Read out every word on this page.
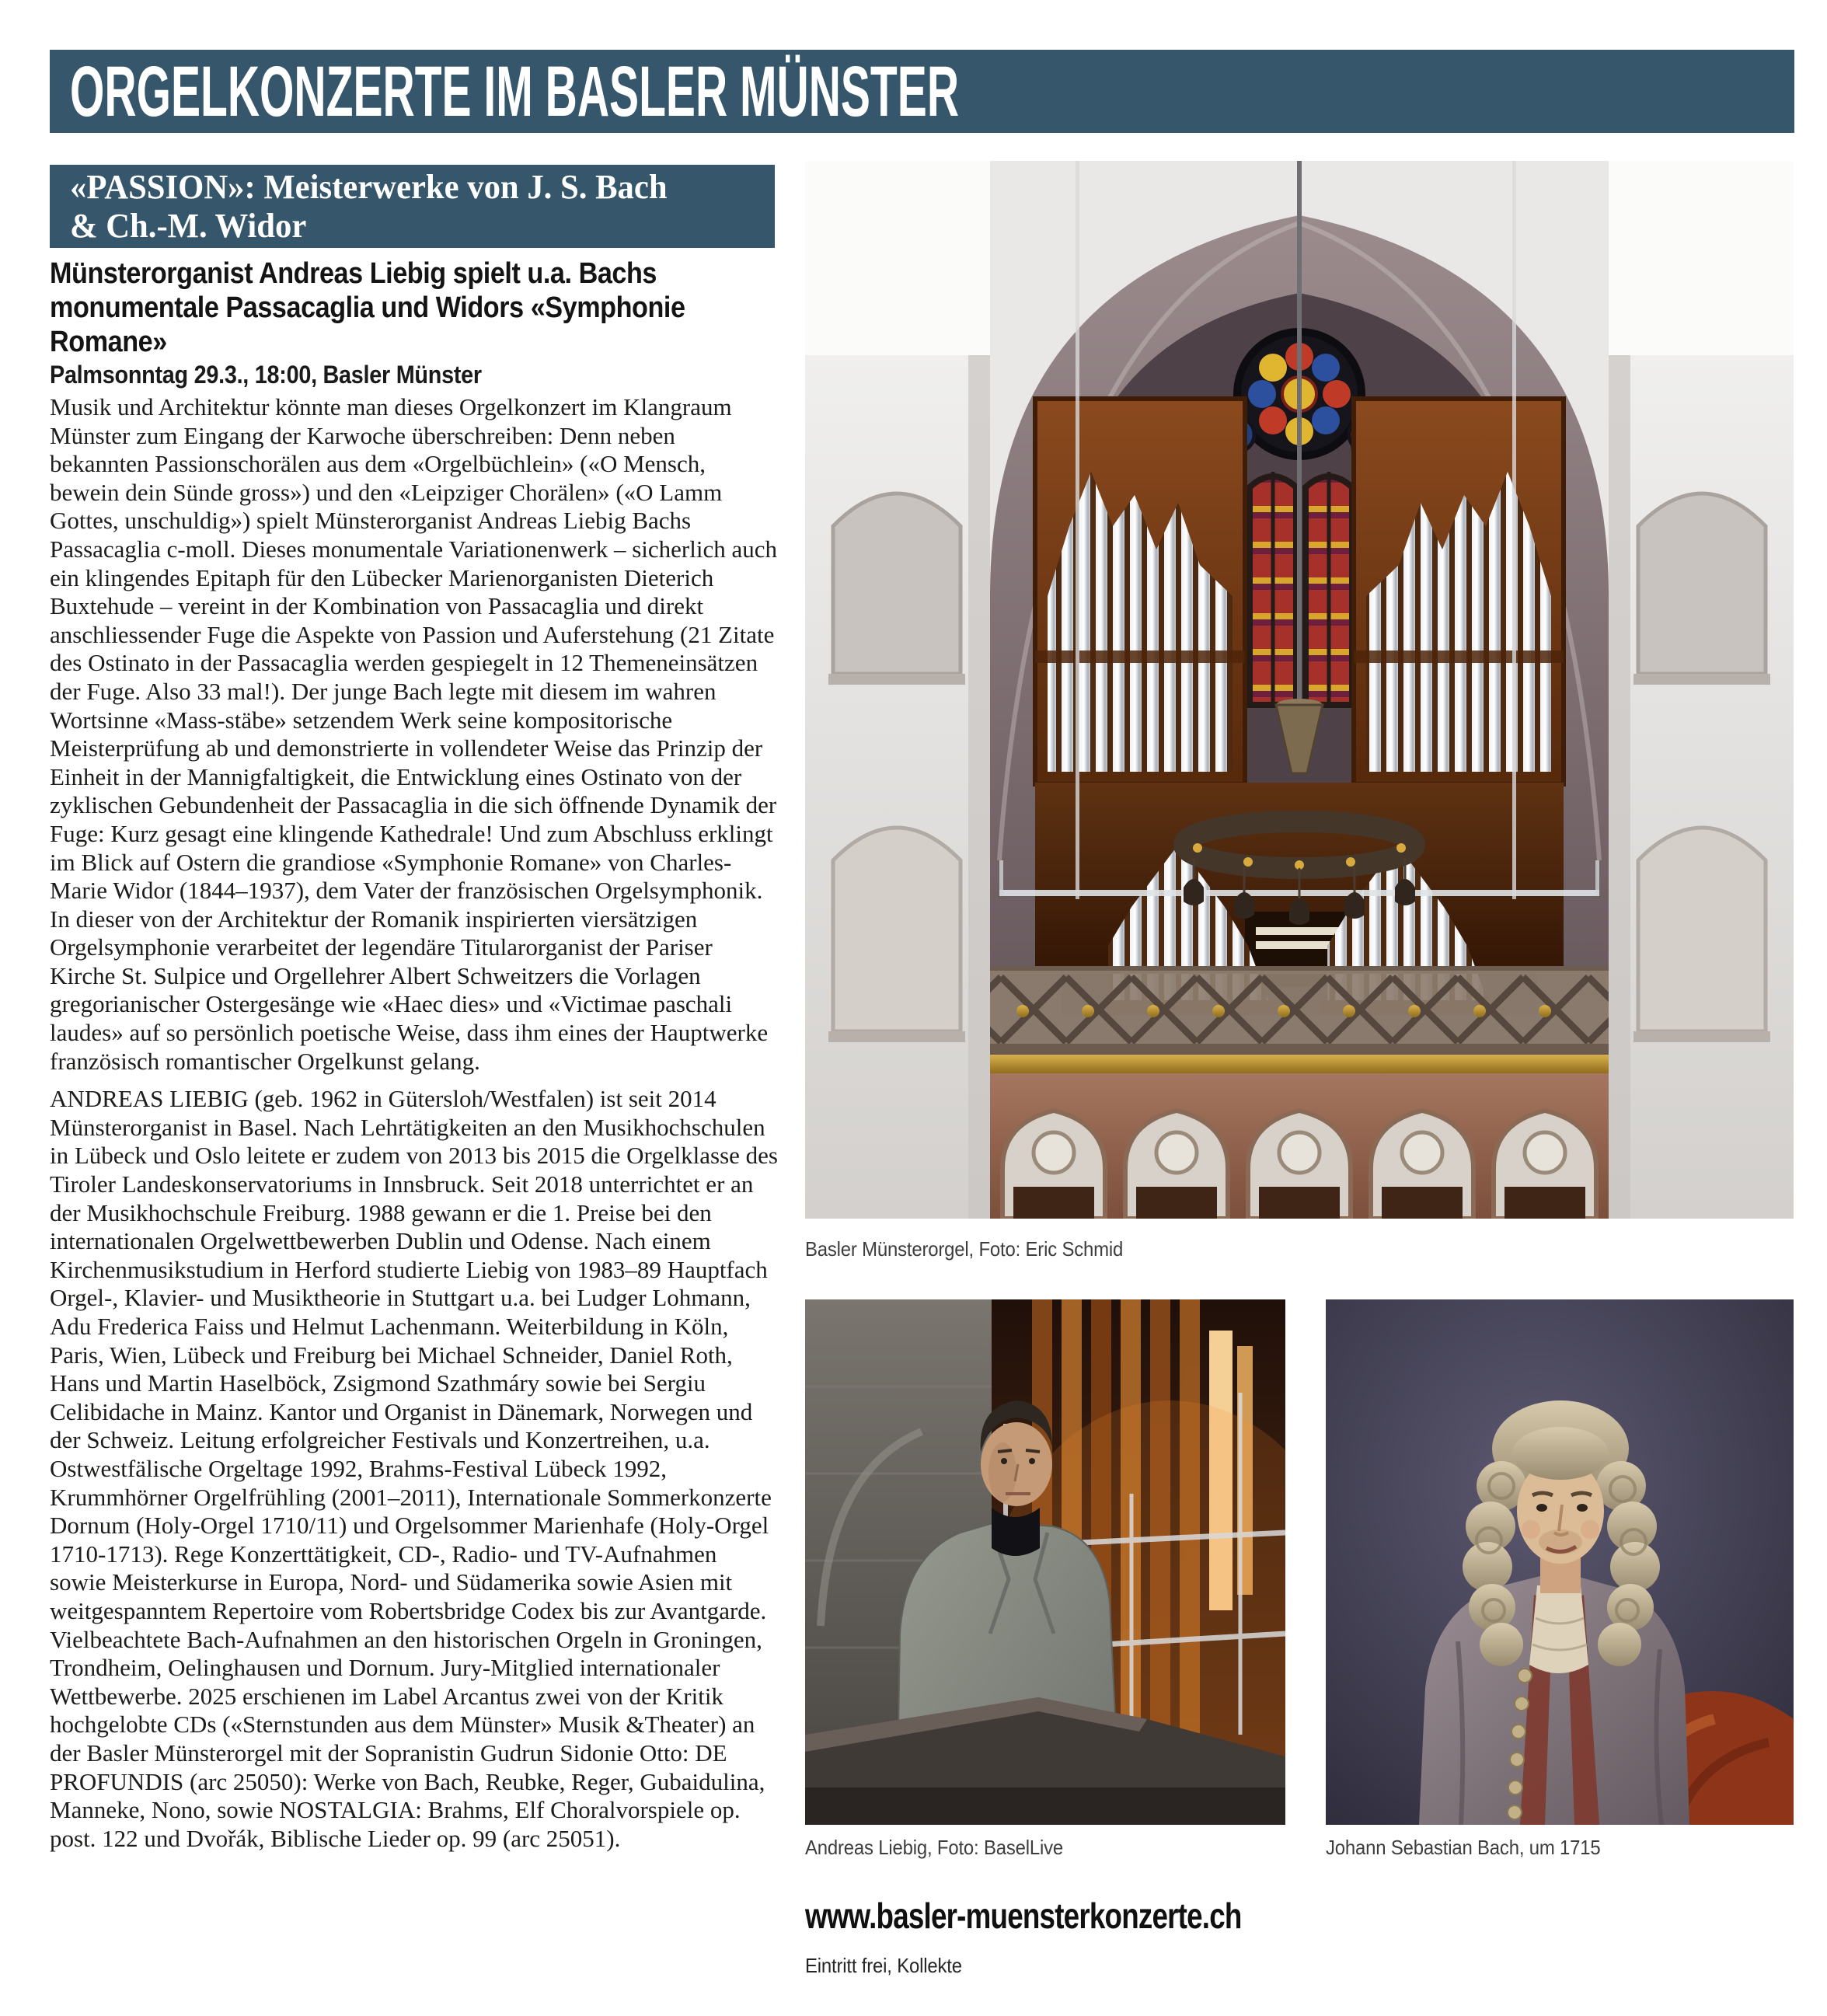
ORGELKONZERTE IM BASLER MÜNSTER
«PASSION»: Meisterwerke von J. S. Bach
& Ch.-M. Widor
Münsterorganist Andreas Liebig spielt u.a. Bachs monumentale Passacaglia und Widors «Symphonie Romane»
Palmsonntag 29.3., 18:00, Basler Münster

Musik und Architektur könnte man dieses Orgelkonzert im Klangraum Münster zum Eingang der Karwoche überschreiben: Denn neben bekannten Passionschorälen aus dem «Orgelbüchlein» («O Mensch, bewein dein Sünde gross») und den «Leipziger Chorälen» («O Lamm Gottes, unschuldig») spielt Münsterorganist Andreas Liebig Bachs Passacaglia c-moll. Dieses monumentale Variationenwerk – sicherlich auch ein klingendes Epitaph für den Lübecker Marienorganisten Dieterich Buxtehude – vereint in der Kombination von Passacaglia und direkt anschliessender Fuge die Aspekte von Passion und Auferstehung (21 Zitate des Ostinato in der Passacaglia werden gespiegelt in 12 Themeneinsätzen der Fuge. Also 33 mal!). Der junge Bach legte mit diesem im wahren Wortsinne «Mass-stäbe» setzendem Werk seine kompositorische Meisterprüfung ab und demonstrierte in vollendeter Weise das Prinzip der Einheit in der Mannigfaltigkeit, die Entwicklung eines Ostinato von der zyklischen Gebundenheit der Passacaglia in die sich öffnende Dynamik der Fuge: Kurz gesagt eine klingende Kathedrale! Und zum Abschluss erklingt im Blick auf Ostern die grandiose «Symphonie Romane» von Charles-Marie Widor (1844–1937), dem Vater der französischen Orgelsymphonik. In dieser von der Architektur der Romanik inspirierten viersätzigen Orgelsymphonie verarbeitet der legendäre Titularorganist der Pariser Kirche St. Sulpice und Orgellehrer Albert Schweitzers die Vorlagen gregorianischer Ostergesänge wie «Haec dies» und «Victimae paschali laudes» auf so persönlich poetische Weise, dass ihm eines der Hauptwerke französisch romantischer Orgelkunst gelang.

ANDREAS LIEBIG (geb. 1962 in Gütersloh/Westfalen) ist seit 2014 Münsterorganist in Basel. Nach Lehrtätigkeiten an den Musikhochschulen in Lübeck und Oslo leitete er zudem von 2013 bis 2015 die Orgelklasse des Tiroler Landeskonservatoriums in Innsbruck. Seit 2018 unterrichtet er an der Musikhochschule Freiburg. 1988 gewann er die 1. Preise bei den internationalen Orgelwettbewerben Dublin und Odense. Nach einem Kirchenmusikstudium in Herford studierte Liebig von 1983–89 Hauptfach Orgel-, Klavier- und Musiktheorie in Stuttgart u.a. bei Ludger Lohmann, Adu Frederica Faiss und Helmut Lachenmann. Weiterbildung in Köln, Paris, Wien, Lübeck und Freiburg bei Michael Schneider, Daniel Roth, Hans und Martin Haselböck, Zsigmond Szathmáry sowie bei Sergiu Celibidache in Mainz. Kantor und Organist in Dänemark, Norwegen und der Schweiz. Leitung erfolgreicher Festivals und Konzertreihen, u.a. Ostwestfälische Orgeltage 1992, Brahms-Festival Lübeck 1992, Krummhörner Orgelfrühling (2001–2011), Internationale Sommerkonzerte Dornum (Holy-Orgel 1710/11) und Orgelsommer Marienhafe (Holy-Orgel 1710-1713). Rege Konzerttätigkeit, CD-, Radio- und TV-Aufnahmen sowie Meisterkurse in Europa, Nord- und Südamerika sowie Asien mit weitgespanntem Repertoire vom Robertsbridge Codex bis zur Avantgarde. Vielbeachtete Bach-Aufnahmen an den historischen Orgeln in Groningen, Trondheim, Oelinghausen und Dornum. Jury-Mitglied internationaler Wettbewerbe. 2025 erschienen im Label Arcantus zwei von der Kritik hochgelobte CDs («Sternstunden aus dem Münster» Musik &Theater) an der Basler Münsterorgel mit der Sopranistin Gudrun Sidonie Otto: DE PROFUNDIS (arc 25050): Werke von Bach, Reubke, Reger, Gubaidulina, Manneke, Nono, sowie NOSTALGIA: Brahms, Elf Choralvorspiele op. post. 122 und Dvořák, Biblische Lieder op. 99 (arc 25051).

Basler Münsterorgel, Foto: Eric Schmid
Andreas Liebig, Foto: BaselLive	Johann Sebastian Bach, um 1715
www.basler-muensterkonzerte.ch
Eintritt frei, Kollekte
